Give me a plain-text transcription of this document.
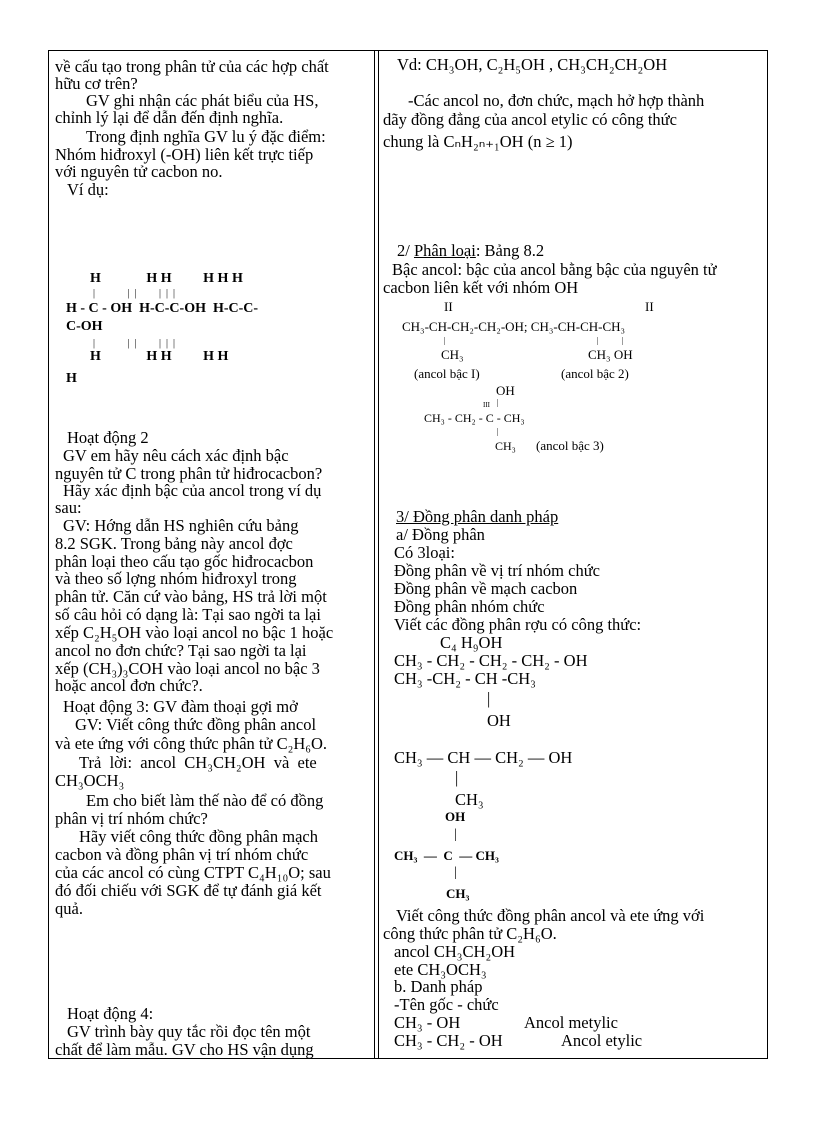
về cấu tạo trong phân tử của các hợp chất
hữu cơ trên?
GV ghi nhận các phát biểu của HS,
chỉnh lý lại để dẫn đến định nghĩa.
Trong định nghĩa GV lu ý đặc điểm:
Nhóm hiđroxyl (-OH) liên kết trực tiếp
với nguyên tử cacbon no.
Ví dụ:
H             H H         H H H
|             |  |         |  |  |
H - C - OH  H-C-C-OH  H-C-C-
C-OH
|             |  |         |  |  |
H             H H         H H
H
Hoạt động 2
GV em hãy nêu cách xác định bậc
nguyên tử C trong phân tử hiđrocacbon?
Hãy xác định bậc của ancol trong ví dụ
sau:
GV: Hớng dẫn HS nghiên cứu bảng
8.2 SGK. Trong bảng này ancol đợc
phân loại theo cấu tạo gốc hiđrocacbon
và theo số lợng nhóm hiđroxyl trong
phân tử. Căn cứ vào bảng, HS trả lời một
số câu hỏi có dạng là: Tại sao ngời ta lại
xếp C₂H₅OH vào loại ancol no bậc 1 hoặc
ancol no đơn chức? Tại sao ngời ta lại
xếp (CH₃)₃COH vào loại ancol no bậc 3
hoặc ancol đơn chức?.
Hoạt động 3: GV đàm thoại gợi mở
GV: Viết công thức đồng phân ancol
và ete ứng với công thức phân tử C₂H₆O.
Trả  lời:  ancol  CH₃CH₂OH  và  ete
CH₃OCH₃
Em cho biết làm thế nào để có đồng
phân vị trí nhóm chức?
Hãy viết công thức đồng phân mạch
cacbon và đồng phân vị trí nhóm chức
của các ancol có cùng CTPT C₄H₁₀O; sau
đó đối chiếu với SGK để tự đánh giá kết
quả.
Hoạt động 4:
GV trình bày quy tắc rồi đọc tên một
chất để làm mẫu. GV cho HS vận dụng
Vd: CH₃OH, C₂H₅OH , CH₃CH₂CH₂OH
-Các ancol no, đơn chức, mạch hở hợp thành
dãy đồng đẳng của ancol etylic có công thức
chung là CₙH₂ₙ₊₁OH (n ≥ 1)
2/ Phân loại: Bảng 8.2
Bậc ancol: bậc của ancol bằng bậc của nguyên tử
cacbon liên kết với nhóm OH
II	II
CH₃-CH-CH₂-CH₂-OH; CH₃-CH-CH-CH₃
|	|	|
CH₃	CH₃ OH
(ancol bậc I)	(ancol bậc 2)
OH
III |
CH₃ - CH₂ - C - CH₃
|
CH₃ (ancol bậc 3)
3/ Đồng phân danh pháp
a/ Đồng phân
Có 3loại:
Đồng phân về vị trí nhóm chức
Đồng phân về mạch cacbon
Đồng phân nhóm chức
Viết các đồng phân rợu có công thức:
C₄ H₉OH
CH₃ - CH₂ - CH₂ - CH₂ - OH
CH₃ -CH₂ - CH -CH₃
|
OH
CH₃ — CH — CH₂ — OH
|
CH₃
OH
|
CH₃  —  C  — CH₃
|
CH₃
Viết công thức đồng phân ancol và ete ứng với
công thức phân tử C₂H₆O.
ancol CH₃CH₂OH
ete CH₃OCH₃
b. Danh pháp
-Tên gốc - chức
CH₃ - OH	Ancol metylic
CH₃ - CH₂ - OH	Ancol etylic
